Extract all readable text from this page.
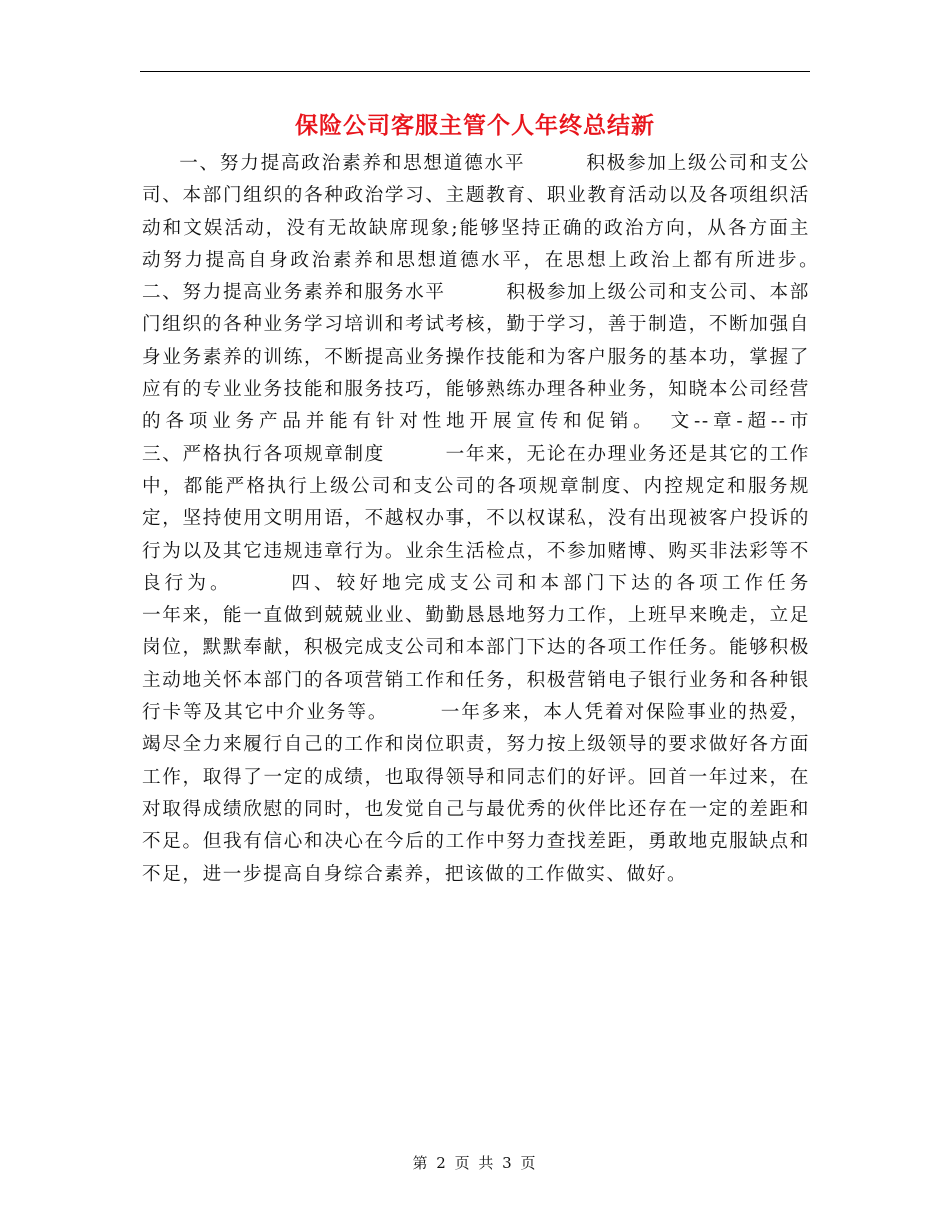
保险公司客服主管个人年终总结新

一、努力提高政治素养和思想道德水平　　　积极参加上级公司和支公司、本部门组织的各种政治学习、主题教育、职业教育活动以及各项组织活动和文娱活动，没有无故缺席现象;能够坚持正确的政治方向，从各方面主动努力提高自身政治素养和思想道德水平，在思想上政治上都有所进步。　　　二、努力提高业务素养和服务水平　　　积极参加上级公司和支公司、本部门组织的各种业务学习培训和考试考核，勤于学习，善于制造，不断加强自身业务素养的训练，不断提高业务操作技能和为客户服务的基本功，掌握了应有的专业业务技能和服务技巧，能够熟练办理各种业务，知晓本公司经营的各项业务产品并能有针对性地开展宣传和促销。　文--章-超--市　　　三、严格执行各项规章制度　　　一年来，无论在办理业务还是其它的工作中，都能严格执行上级公司和支公司的各项规章制度、内控规定和服务规定，坚持使用文明用语，不越权办事，不以权谋私，没有出现被客户投诉的行为以及其它违规违章行为。业余生活检点，不参加赌博、购买非法彩等不良行为。　　　四、较好地完成支公司和本部门下达的各项工作任务　　　一年来，能一直做到兢兢业业、勤勤恳恳地努力工作，上班早来晚走，立足岗位，默默奉献，积极完成支公司和本部门下达的各项工作任务。能够积极主动地关怀本部门的各项营销工作和任务，积极营销电子银行业务和各种银行卡等及其它中介业务等。　　　一年多来，本人凭着对保险事业的热爱，竭尽全力来履行自己的工作和岗位职责，努力按上级领导的要求做好各方面工作，取得了一定的成绩，也取得领导和同志们的好评。回首一年过来，在对取得成绩欣慰的同时，也发觉自己与最优秀的伙伴比还存在一定的差距和不足。但我有信心和决心在今后的工作中努力查找差距，勇敢地克服缺点和不足，进一步提高自身综合素养，把该做的工作做实、做好。

第 2 页 共 3 页
